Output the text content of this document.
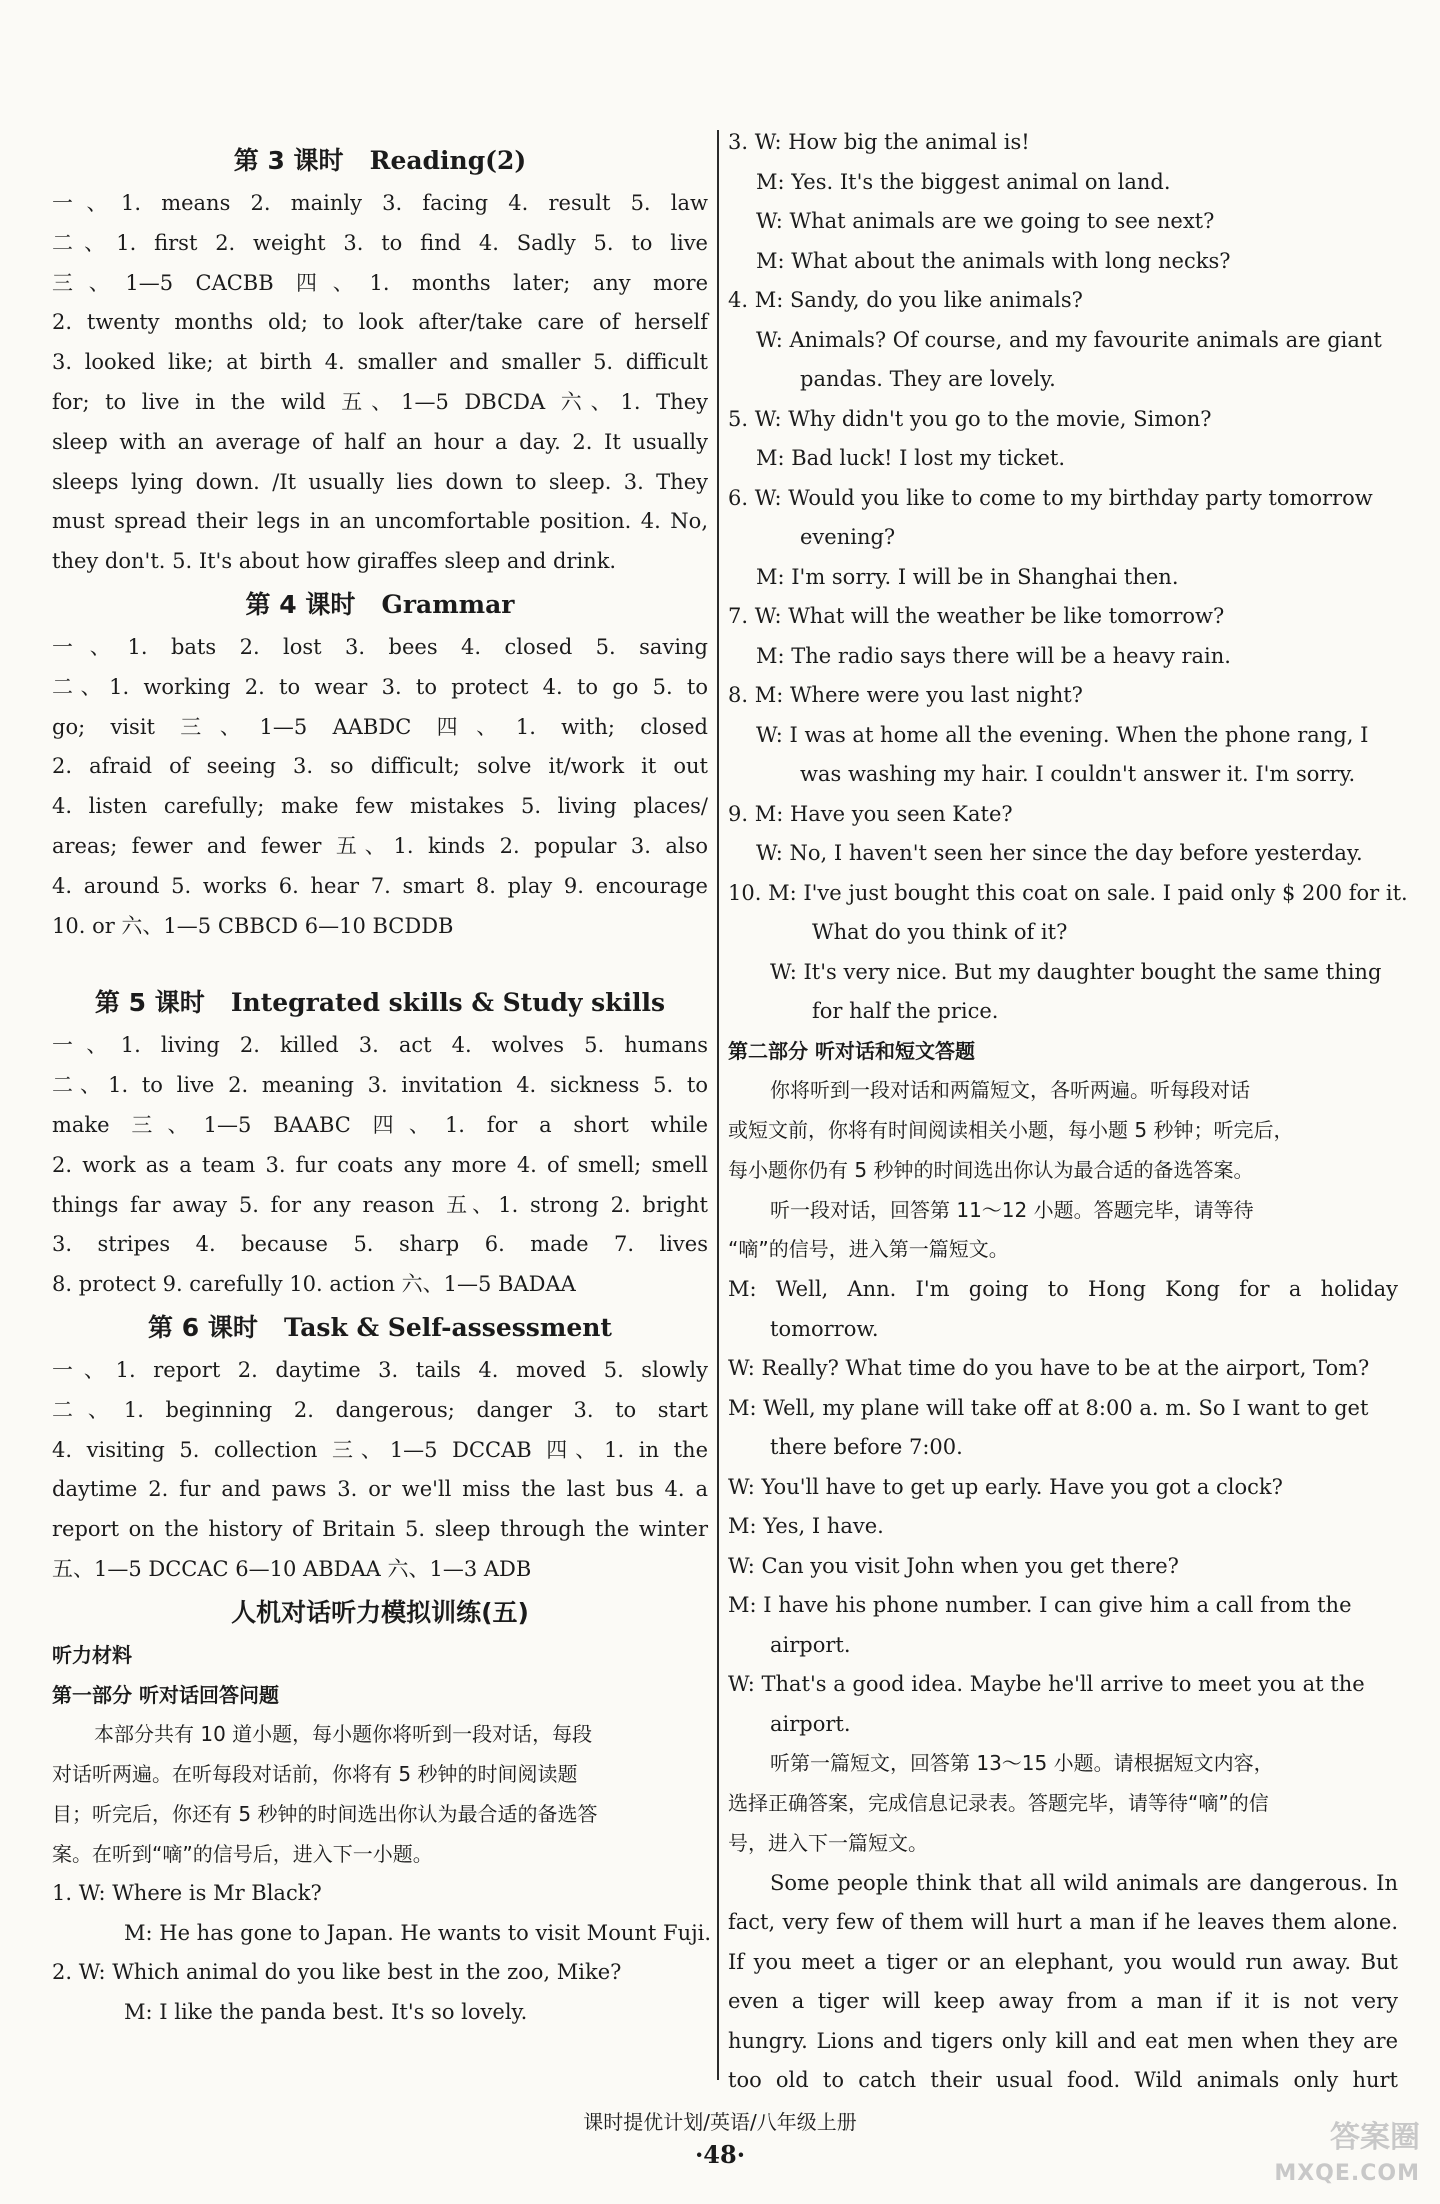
第 3 课时 Reading(2)
一、1. means 2. mainly 3. facing 4. result 5. law
二、1. first 2. weight 3. to find 4. Sadly 5. to live
三、1—5 CACBB 四、1. months later; any more
2. twenty months old; to look after/take care of herself
3. looked like; at birth 4. smaller and smaller 5. difficult
for; to live in the wild 五、1—5 DBCDA 六、1. They
sleep with an average of half an hour a day. 2. It usually
sleeps lying down. /It usually lies down to sleep. 3. They
must spread their legs in an uncomfortable position. 4. No,
they don't. 5. It's about how giraffes sleep and drink.
第 4 课时 Grammar
一、1. bats 2. lost 3. bees 4. closed 5. saving
二、1. working 2. to wear 3. to protect 4. to go 5. to
go; visit 三、1—5 AABDC 四、1. with; closed
2. afraid of seeing 3. so difficult; solve it/work it out
4. listen carefully; make few mistakes 5. living places/
areas; fewer and fewer 五、1. kinds 2. popular 3. also
4. around 5. works 6. hear 7. smart 8. play 9. encourage
10. or 六、1—5 CBBCD 6—10 BCDDB
第 5 课时 Integrated skills & Study skills
一、1. living 2. killed 3. act 4. wolves 5. humans
二、1. to live 2. meaning 3. invitation 4. sickness 5. to
make 三、1—5 BAABC 四、1. for a short while
2. work as a team 3. fur coats any more 4. of smell; smell
things far away 5. for any reason 五、1. strong 2. bright
3. stripes 4. because 5. sharp 6. made 7. lives
8. protect 9. carefully 10. action 六、1—5 BADAA
第 6 课时 Task & Self-assessment
一、1. report 2. daytime 3. tails 4. moved 5. slowly
二、1. beginning 2. dangerous; danger 3. to start
4. visiting 5. collection 三、1—5 DCCAB 四、1. in the
daytime 2. fur and paws 3. or we'll miss the last bus 4. a
report on the history of Britain 5. sleep through the winter
五、1—5 DCCAC 6—10 ABDAA 六、1—3 ADB
人机对话听力模拟训练(五)
听力材料
第一部分 听对话回答问题
本部分共有 10 道小题，每小题你将听到一段对话，每段
对话听两遍。在听每段对话前，你将有 5 秒钟的时间阅读题
目；听完后，你还有 5 秒钟的时间选出你认为最合适的备选答
案。在听到“嘀”的信号后，进入下一小题。
1. W: Where is Mr Black?
M: He has gone to Japan. He wants to visit Mount Fuji.
2. W: Which animal do you like best in the zoo, Mike?
M: I like the panda best. It's so lovely.
3. W: How big the animal is!
M: Yes. It's the biggest animal on land.
W: What animals are we going to see next?
M: What about the animals with long necks?
4. M: Sandy, do you like animals?
W: Animals? Of course, and my favourite animals are giant
pandas. They are lovely.
5. W: Why didn't you go to the movie, Simon?
M: Bad luck! I lost my ticket.
6. W: Would you like to come to my birthday party tomorrow
evening?
M: I'm sorry. I will be in Shanghai then.
7. W: What will the weather be like tomorrow?
M: The radio says there will be a heavy rain.
8. M: Where were you last night?
W: I was at home all the evening. When the phone rang, I
was washing my hair. I couldn't answer it. I'm sorry.
9. M: Have you seen Kate?
W: No, I haven't seen her since the day before yesterday.
10. M: I've just bought this coat on sale. I paid only $ 200 for it.
What do you think of it?
W: It's very nice. But my daughter bought the same thing
for half the price.
第二部分 听对话和短文答题
你将听到一段对话和两篇短文，各听两遍。听每段对话
或短文前，你将有时间阅读相关小题，每小题 5 秒钟；听完后，
每小题你仍有 5 秒钟的时间选出你认为最合适的备选答案。
听一段对话，回答第 11～12 小题。答题完毕，请等待
“嘀”的信号，进入第一篇短文。
M: Well, Ann. I'm going to Hong Kong for a holiday
tomorrow.
W: Really? What time do you have to be at the airport, Tom?
M: Well, my plane will take off at 8:00 a. m. So I want to get
there before 7:00.
W: You'll have to get up early. Have you got a clock?
M: Yes, I have.
W: Can you visit John when you get there?
M: I have his phone number. I can give him a call from the
airport.
W: That's a good idea. Maybe he'll arrive to meet you at the
airport.
听第一篇短文，回答第 13～15 小题。请根据短文内容，
选择正确答案，完成信息记录表。答题完毕，请等待“嘀”的信
号，进入下一篇短文。
Some people think that all wild animals are dangerous. In
fact, very few of them will hurt a man if he leaves them alone.
If you meet a tiger or an elephant, you would run away. But
even a tiger will keep away from a man if it is not very
hungry. Lions and tigers only kill and eat men when they are
too old to catch their usual food. Wild animals only hurt
课时提优计划/英语/八年级上册
·48·	答案圈
MXQE.COM
